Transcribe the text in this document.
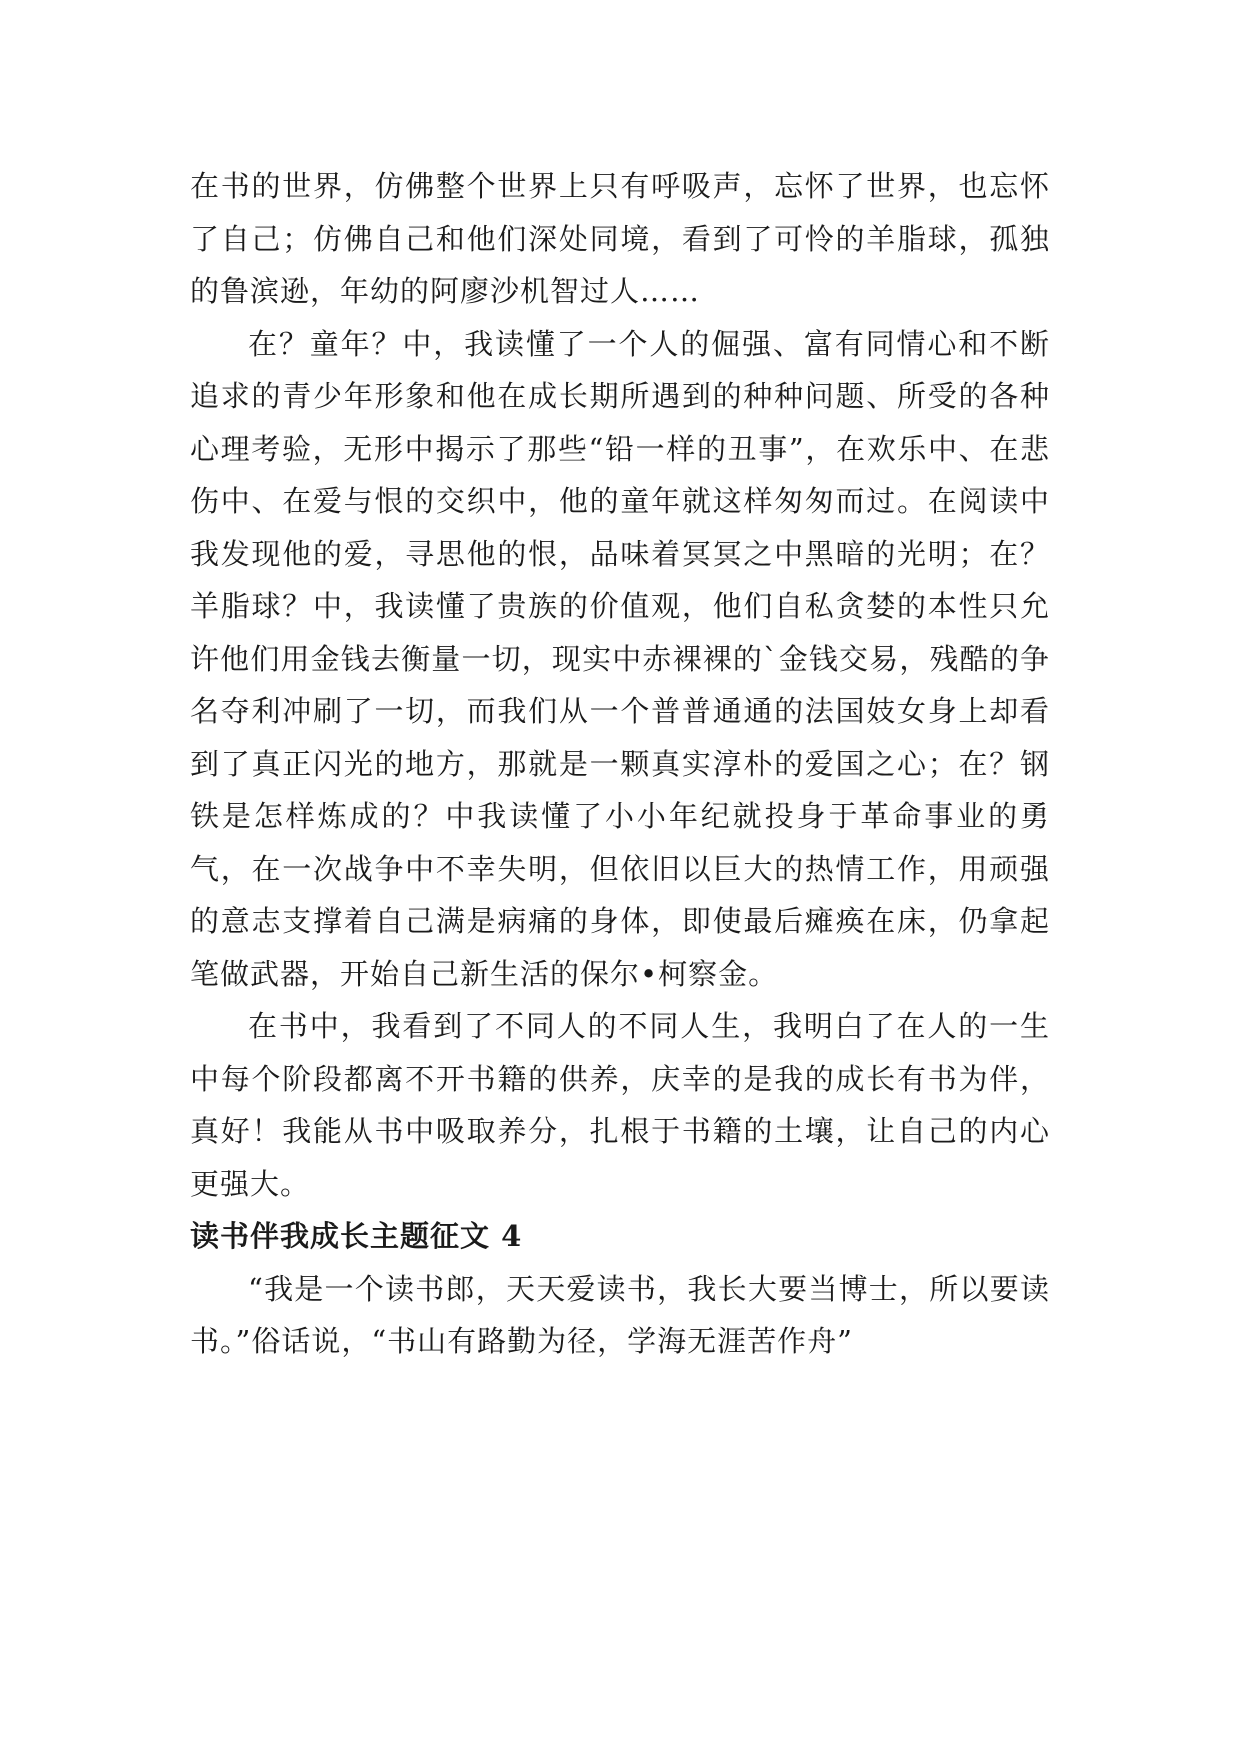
在书的世界，仿佛整个世界上只有呼吸声，忘怀了世界，也忘怀了自己；仿佛自己和他们深处同境，看到了可怜的羊脂球，孤独的鲁滨逊，年幼的阿廖沙机智过人……

在？童年？中，我读懂了一个人的倔强、富有同情心和不断追求的青少年形象和他在成长期所遇到的种种问题、所受的各种心理考验，无形中揭示了那些“铅一样的丑事”，在欢乐中、在悲伤中、在爱与恨的交织中，他的童年就这样匆匆而过。在阅读中我发现他的爱，寻思他的恨，品味着冥冥之中黑暗的光明；在？羊脂球？中，我读懂了贵族的价值观，他们自私贪婪的本性只允许他们用金钱去衡量一切，现实中赤裸裸的`金钱交易，残酷的争名夺利冲刷了一切，而我们从一个普普通通的法国妓女身上却看到了真正闪光的地方，那就是一颗真实淳朴的爱国之心；在？钢铁是怎样炼成的？中我读懂了小小年纪就投身于革命事业的勇气，在一次战争中不幸失明，但依旧以巨大的热情工作，用顽强的意志支撑着自己满是病痛的身体，即使最后瘫痪在床，仍拿起笔做武器，开始自己新生活的保尔•柯察金。

在书中，我看到了不同人的不同人生，我明白了在人的一生中每个阶段都离不开书籍的供养，庆幸的是我的成长有书为伴，真好！我能从书中吸取养分，扎根于书籍的土壤，让自己的内心更强大。

读书伴我成长主题征文 4

“我是一个读书郎，天天爱读书，我长大要当博士，所以要读书。”俗话说，“书山有路勤为径，学海无涯苦作舟”
